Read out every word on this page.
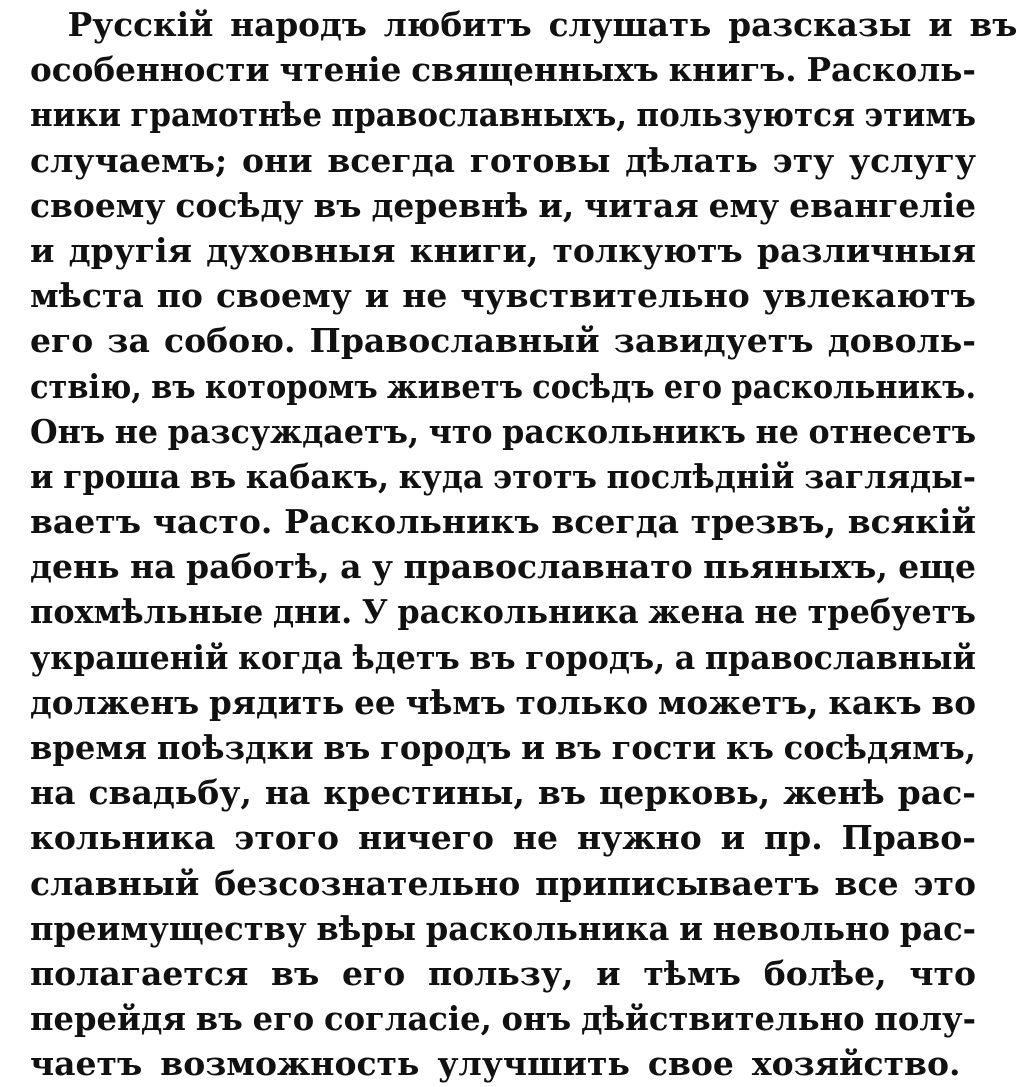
Русскій народъ любитъ слушать разсказы и въ
особенности чтеніе священныхъ книгъ. Расколь-
ники грамотнѣе православныхъ, пользуются этимъ
случаемъ; они всегда готовы дѣлать эту услугу
своему сосѣду въ деревнѣ и, читая ему евангеліе
и другія духовныя книги, толкуютъ различныя
мѣста по своему и не чувствительно увлекаютъ
его за собою. Православный завидуетъ доволь-
ствію, въ которомъ живетъ сосѣдъ его раскольникъ.
Онъ не разсуждаетъ, что раскольникъ не отнесетъ
и гроша въ кабакъ, куда этотъ послѣдній загляды-
ваетъ часто. Раскольникъ всегда трезвъ, всякій
день на работѣ, а у православнато пьяныхъ, еще
похмѣльные дни. У раскольника жена не требуетъ
украшеній когда ѣдетъ въ городъ, а православный
долженъ рядить ее чѣмъ только можетъ, какъ во
время поѣздки въ городъ и въ гости къ сосѣдямъ,
на свадьбу, на крестины, въ церковь, женѣ рас-
кольника этого ничего не нужно и пр. Право-
славный безсознательно приписываетъ все это
преимуществу вѣры раскольника и невольно рас-
полагается въ его пользу, и тѣмъ болѣе, что
перейдя въ его согласіе, онъ дѣйствительно полу-
чаетъ возможность улучшить свое хозяйство.
